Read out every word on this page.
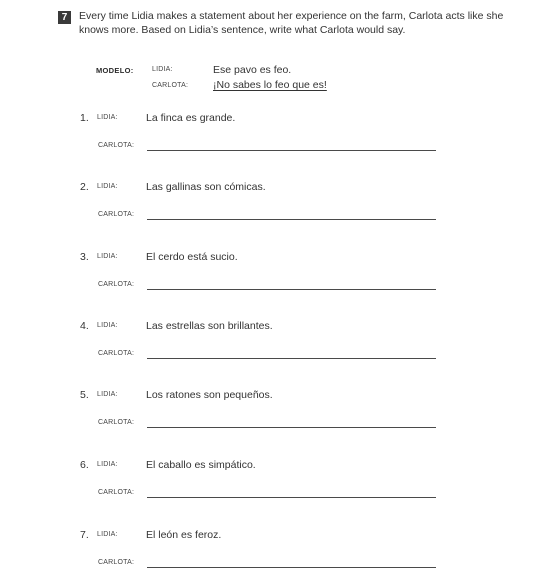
7	Every time Lidia makes a statement about her experience on the farm, Carlota acts like she knows more. Based on Lidia’s sentence, write what Carlota would say.
MODELO:	LIDIA:	Ese pavo es feo.
CARLOTA: ¡No sabes lo feo que es!
1. LIDIA:	La finca es grande.
CARLOTA:
2. LIDIA:	Las gallinas son cómicas.
CARLOTA:
3. LIDIA:	El cerdo está sucio.
CARLOTA:
4. LIDIA:	Las estrellas son brillantes.
CARLOTA:
5. LIDIA:	Los ratones son pequeños.
CARLOTA:
6. LIDIA:	El caballo es simpático.
CARLOTA:
7. LIDIA:	El león es feroz.
CARLOTA:
